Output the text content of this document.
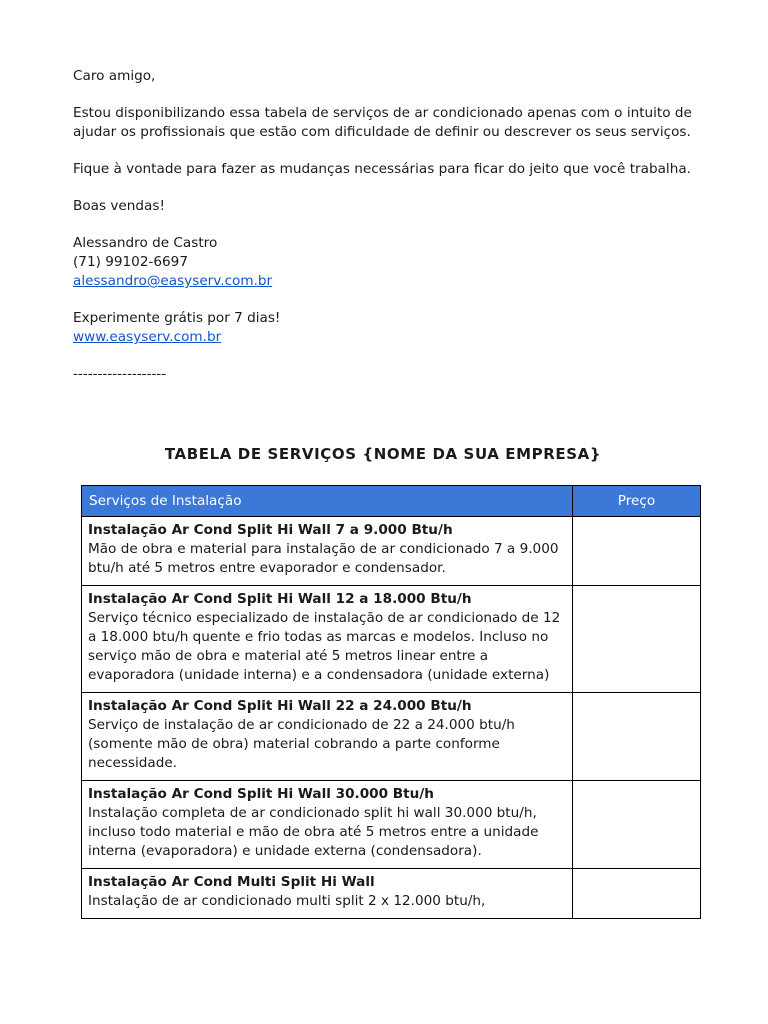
Caro amigo,

Estou disponibilizando essa tabela de serviços de ar condicionado apenas com o intuito de ajudar os profissionais que estão com dificuldade de definir ou descrever os seus serviços.

Fique à vontade para fazer as mudanças necessárias para ficar do jeito que você trabalha.

Boas vendas!

Alessandro de Castro

(71) 99102-6697

alessandro@easyserv.com.br

Experimente grátis por 7 dias!

www.easyserv.com.br

-------------------

TABELA DE SERVIÇOS {NOME DA SUA EMPRESA}
Serviços de Instalação	Preço

Instalação Ar Cond Split Hi Wall 7 a 9.000 Btu/h
Mão de obra e material para instalação de ar condicionado 7 a 9.000 btu/h até 5 metros entre evaporador e condensador.	

Instalação Ar Cond Split Hi Wall 12 a 18.000 Btu/h
Serviço técnico especializado de instalação de ar condicionado de 12 a 18.000 btu/h quente e frio todas as marcas e modelos. Incluso no serviço mão de obra e material até 5 metros linear entre a evaporadora (unidade interna) e a condensadora (unidade externa)	

Instalação Ar Cond Split Hi Wall 22 a 24.000 Btu/h
Serviço de instalação de ar condicionado de 22 a 24.000 btu/h (somente mão de obra) material cobrando a parte conforme necessidade.	

Instalação Ar Cond Split Hi Wall 30.000 Btu/h
Instalação completa de ar condicionado split hi wall 30.000 btu/h, incluso todo material e mão de obra até 5 metros entre a unidade interna (evaporadora) e unidade externa (condensadora).	

Instalação Ar Cond Multi Split Hi Wall
Instalação de ar condicionado multi split 2 x 12.000 btu/h,	
